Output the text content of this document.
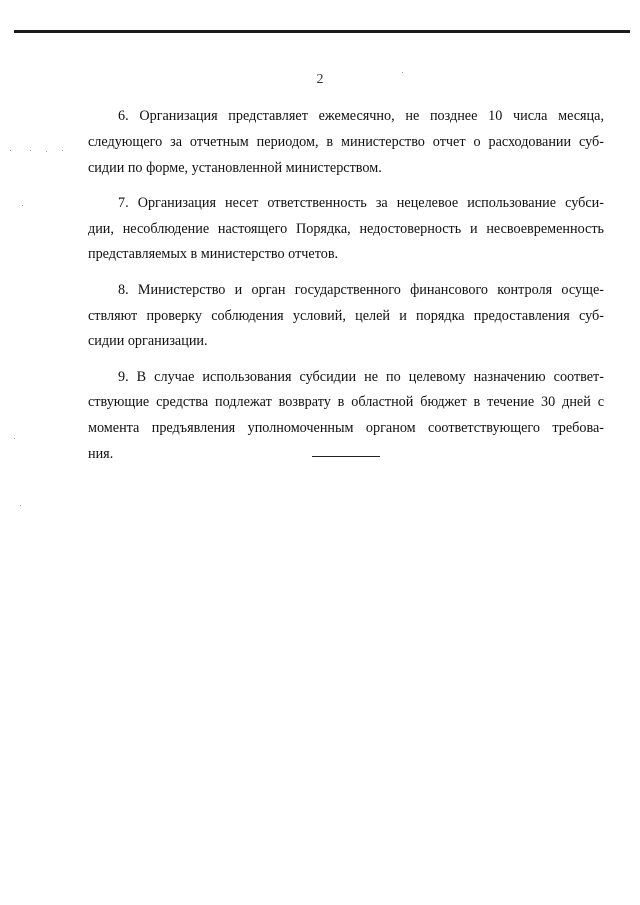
2
6. Организация представляет ежемесячно, не позднее 10 числа месяца,
следующего за отчетным периодом, в министерство отчет о расходовании суб-
сидии по форме, установленной министерством.
7. Организация несет ответственность за нецелевое использование субси-
дии, несоблюдение настоящего Порядка, недостоверность и несвоевременность
представляемых в министерство отчетов.
8. Министерство и орган государственного финансового контроля осуще-
ствляют проверку соблюдения условий, целей и порядка предоставления суб-
сидии организации.
9. В случае использования субсидии не по целевому назначению соответ-
ствующие средства подлежат возврату в областной бюджет в течение 30 дней с
момента предъявления уполномоченным органом соответствующего требова-
ния.
